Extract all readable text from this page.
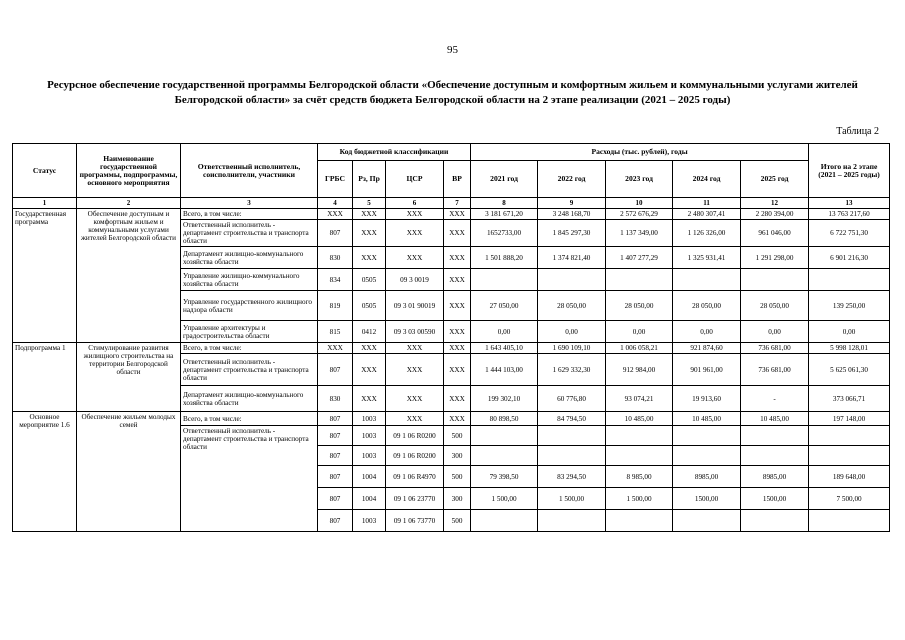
95
Ресурсное обеспечение государственной программы Белгородской области «Обеспечение доступным и комфортным жильем и коммунальными услугами жителей Белгородской области» за счёт средств бюджета Белгородской области на 2 этапе реализации (2021 – 2025 годы)
Таблица 2
Статус	Наименование государственной программы, подпрограммы, основного мероприятия	Ответственный исполнитель, соисполнители, участники	Код бюджетной классификации				Расходы (тыс. рублей), годы					Итого на 2 этапе (2021 – 2025 годы)
			ГРБС	Рз, Пр	ЦСР	ВР	2021 год	2022 год	2023 год	2024 год	2025 год	
1	2	3	4	5	6	7	8	9	10	11	12	13
Государственная программа	Обеспечение доступным и комфортным жильем и коммунальными услугами жителей Белгородской области	Всего, в том числе:	XXX	XXX	XXX	XXX	3 181 671,20	3 248 168,70	2 572 676,29	2 480 307,41	2 280 394,00	13 763 217,60
		Ответственный исполнитель - департамент строительства и транспорта области	807	XXX	XXX	XXX	1652733,00	1 845 297,30	1 137 349,00	1 126 326,00	961 046,00	6 722 751,30
		Департамент жилищно-коммунального хозяйства области	830	XXX	XXX	XXX	1 501 888,20	1 374 821,40	1 407 277,29	1 325 931,41	1 291 298,00	6 901 216,30
		Управление жилищно-коммунального хозяйства области	834	0505	09 3 0019	XXX						
		Управление государственного жилищного надзора области	819	0505	09 3 01 90019	XXX	27 050,00	28 050,00	28 050,00	28 050,00	28 050,00	139 250,00
		Управление архитектуры и градостроительства области	815	0412	09 3 03 00590	XXX	0,00	0,00	0,00	0,00	0,00	0,00
Подпрограмма 1	Стимулирование развития жилищного строительства на территории Белгородской области	Всего, в том числе:	XXX	XXX	XXX	XXX	1 643 405,10	1 690 109,10	1 006 058,21	921 874,60	736 681,00	5 998 128,01
		Ответственный исполнитель - департамент строительства и транспорта области	807	XXX	XXX	XXX	1 444 103,00	1 629 332,30	912 984,00	901 961,00	736 681,00	5 625 061,30
		Департамент жилищно-коммунального хозяйства области	830	XXX	XXX	XXX	199 302,10	60 776,80	93 074,21	19 913,60	-	373 066,71
Основное мероприятие 1.6	Обеспечение жильем молодых семей	Всего, в том числе:	807	1003	XXX	XXX	80 898,50	84 794,50	10 485,00	10 485,00	10 485,00	197 148,00
		Ответственный исполнитель - департамент строительства и транспорта области	807	1003	09 1 06 R0200	500						
			807	1003	09 1 06 R0200	300						
			807	1004	09 1 06 R4970	500	79 398,50	83 294,50	8 985,00	8985,00	8985,00	189 648,00
			807	1004	09 1 06 23770	300	1 500,00	1 500,00	1 500,00	1500,00	1500,00	7 500,00
			807	1003	09 1 06 73770	500						
